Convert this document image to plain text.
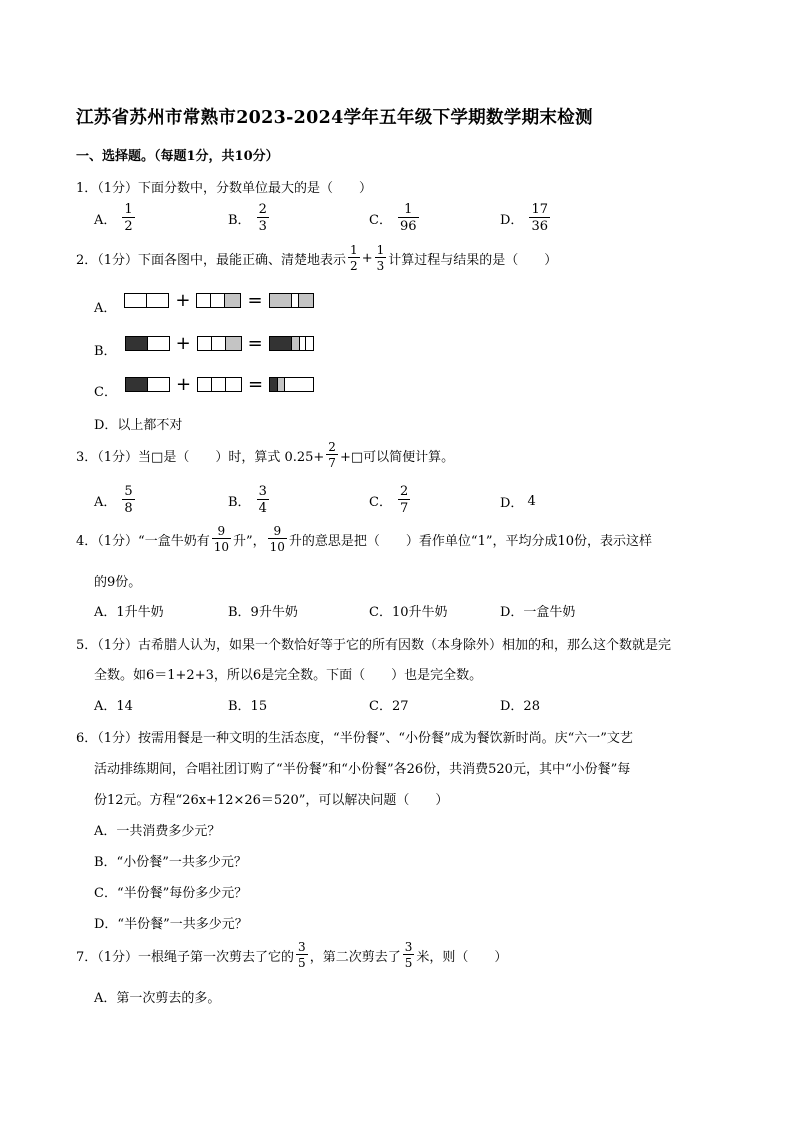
江苏省苏州市常熟市2023-2024学年五年级下学期数学期末检测
一、选择题。（每题1分，共10分）
1．（1分）下面分数中，分数单位最大的是（　　）
A． $\frac{1}{2}$	B． $\frac{2}{3}$	C． $\frac{1}{96}$	D． $\frac{17}{36}$
2．（1分）下面各图中，最能正确、清楚地表示 $\frac{1}{2} + \frac{1}{3}$ 计算过程与结果的是（　　）
A．	+	=
B．	+	=
C．	+	=
D．以上都不对
3．（1分）当□是（　　）时，算式 $0.25+ \frac{2}{7}$ +□可以简便计算。
A． $\frac{5}{8}$	B． $\frac{3}{4}$	C． $\frac{2}{7}$	D． 4
4．（1分）“一盒牛奶有 $\frac{9}{10}$ 升”， $\frac{9}{10}$ 升的意思是把（　　）看作单位“1”，平均分成10份，表示这样
的9份。
A．1升牛奶	B．9升牛奶	C．10升牛奶	D．一盒牛奶
5．（1分）古希腊人认为，如果一个数恰好等于它的所有因数（本身除外）相加的和，那么这个数就是完
全数。如6＝1+2+3，所以6是完全数。下面（　　）也是完全数。
A．14	B．15	C．27	D．28
6．（1分）按需用餐是一种文明的生活态度，“半份餐”、“小份餐”成为餐饮新时尚。庆“六一”文艺
活动排练期间，合唱社团订购了“半份餐”和“小份餐”各26份，共消费520元，其中“小份餐”每
份12元。方程“26x+12×26＝520”，可以解决问题（　　）
A．一共消费多少元？
B．“小份餐”一共多少元？
C．“半份餐”每份多少元？
D．“半份餐”一共多少元？
7．（1分）一根绳子第一次剪去了它的 $\frac{3}{5}$ ，第二次剪去了 $\frac{3}{5}$ 米，则（　　）
A．第一次剪去的多。
